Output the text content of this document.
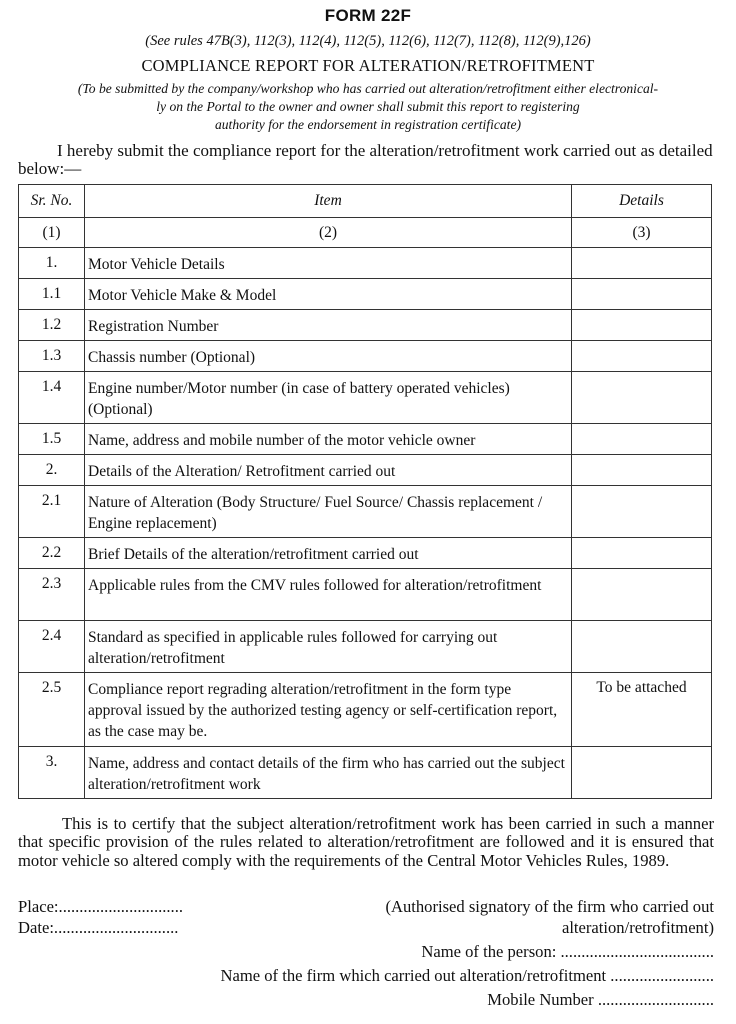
FORM 22F
(See rules 47B(3), 112(3), 112(4), 112(5), 112(6), 112(7), 112(8), 112(9),126)
COMPLIANCE REPORT FOR ALTERATION/RETROFITMENT
(To be submitted by the company/workshop who has carried out alteration/retrofitment either electronical-
ly on the Portal to the owner and owner shall submit this report to registering
authority for the endorsement in registration certificate)
I hereby submit the compliance report for the alteration/retrofitment work carried out as detailed below:—
Sr. No.	Item	Details
(1)	(2)	(3)
1.	Motor Vehicle Details	
1.1	Motor Vehicle Make & Model	
1.2	Registration Number	
1.3	Chassis number (Optional)	
1.4	Engine number/Motor number (in case of battery operated vehicles) (Optional)	
1.5	Name, address and mobile number of the motor vehicle owner	
2.	Details of the Alteration/ Retrofitment carried out	
2.1	Nature of Alteration (Body Structure/ Fuel Source/ Chassis replacement / Engine replacement)	
2.2	Brief Details of the alteration/retrofitment carried out	
2.3	Applicable rules from the CMV rules followed for alteration/retrofitment	
2.4	Standard as specified in applicable rules followed for carrying out alteration/retrofitment	
2.5	Compliance report regrading alteration/retrofitment in the form type approval issued by the authorized testing agency or self-certification report, as the case may be.	To be attached
3.	Name, address and contact details of the firm who has carried out the subject alteration/retrofitment work	
This is to certify that the subject alteration/retrofitment work has been carried in such a manner that specific provision of the rules related to alteration/retrofitment are followed and it is ensured that motor vehicle so altered comply with the requirements of the Central Motor Vehicles Rules, 1989.
Place:..............................
Date:..............................
(Authorised signatory of the firm who carried out
alteration/retrofitment)
Name of the person: .....................................
Name of the firm which carried out alteration/retrofitment .........................
Mobile Number ............................
